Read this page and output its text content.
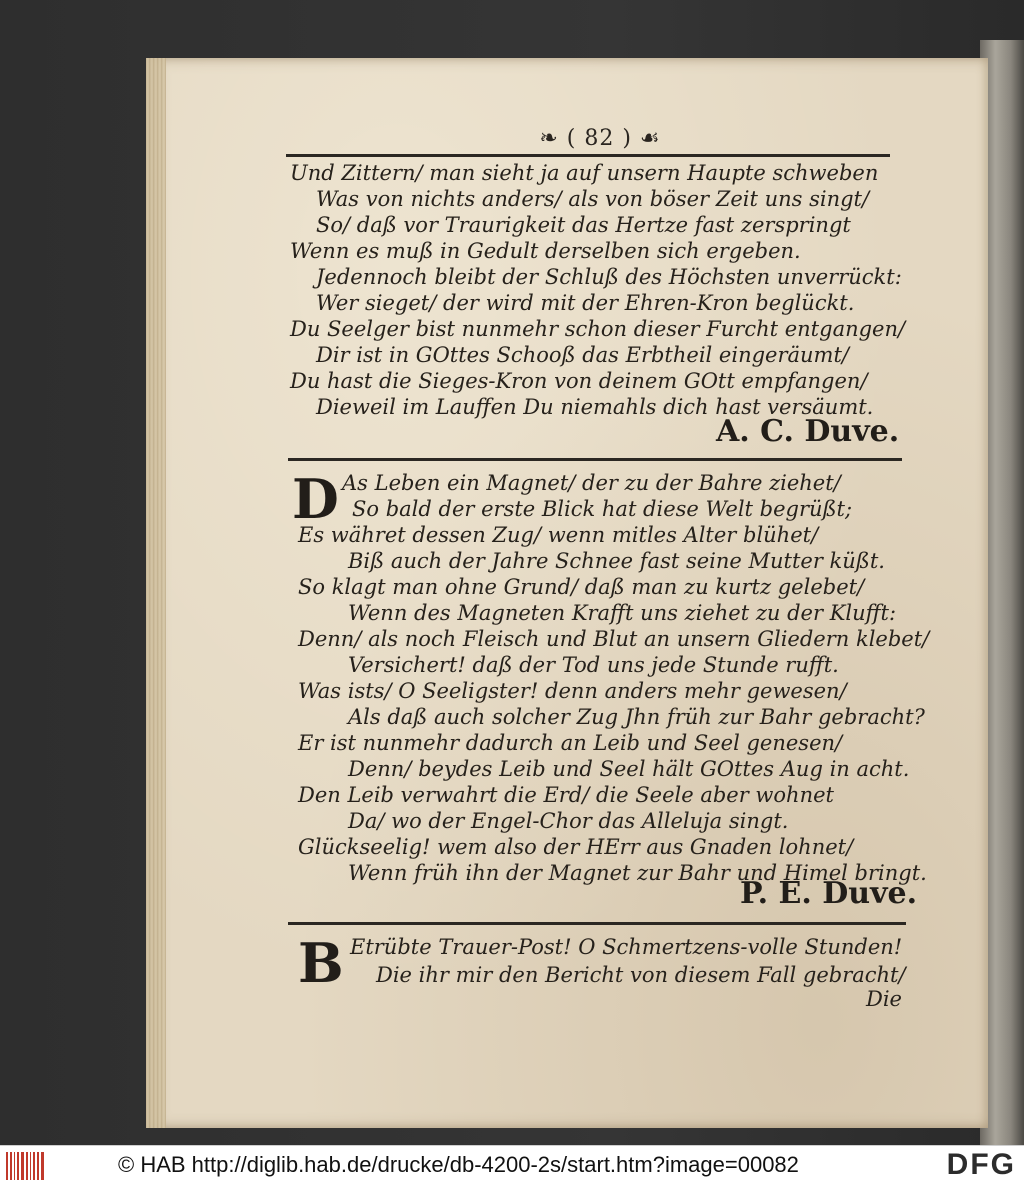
❧ ( 82 ) ☙
Und Zittern/ man sieht ja auf unsern Haupte schweben
Was von nichts anders/ als von böser Zeit uns singt/
So/ daß vor Traurigkeit das Hertze fast zerspringt
Wenn es muß in Gedult derselben sich ergeben.
Jedennoch bleibt der Schluß des Höchsten unverrückt:
Wer sieget/ der wird mit der Ehren-Kron beglückt.
Du Seelger bist nunmehr schon dieser Furcht entgangen/
Dir ist in GOttes Schooß das Erbtheil eingeräumt/
Du hast die Sieges-Kron von deinem GOtt empfangen/
Dieweil im Lauffen Du niemahls dich hast versäumt.
A. C. Duve.
D As Leben ein Magnet/ der zu der Bahre ziehet/
So bald der erste Blick hat diese Welt begrüßt;
Es währet dessen Zug/ wenn mitles Alter blühet/
Biß auch der Jahre Schnee fast seine Mutter küßt.
So klagt man ohne Grund/ daß man zu kurtz gelebet/
Wenn des Magneten Krafft uns ziehet zu der Klufft:
Denn/ als noch Fleisch und Blut an unsern Gliedern klebet/
Versichert! daß der Tod uns jede Stunde rufft.
Was ists/ O Seeligster! denn anders mehr gewesen/
Als daß auch solcher Zug Jhn früh zur Bahr gebracht?
Er ist nunmehr dadurch an Leib und Seel genesen/
Denn/ beydes Leib und Seel hält GOttes Aug in acht.
Den Leib verwahrt die Erd/ die Seele aber wohnet
Da/ wo der Engel-Chor das Alleluja singt.
Glückseelig! wem also der HErr aus Gnaden lohnet/
Wenn früh ihn der Magnet zur Bahr und Himel bringt.
P. E. Duve.
B Etrübte Trauer-Post! O Schmertzens-volle Stunden!
Die ihr mir den Bericht von diesem Fall gebracht/
Die
© HAB http://diglib.hab.de/drucke/db-4200-2s/start.htm?image=00082	DFG
